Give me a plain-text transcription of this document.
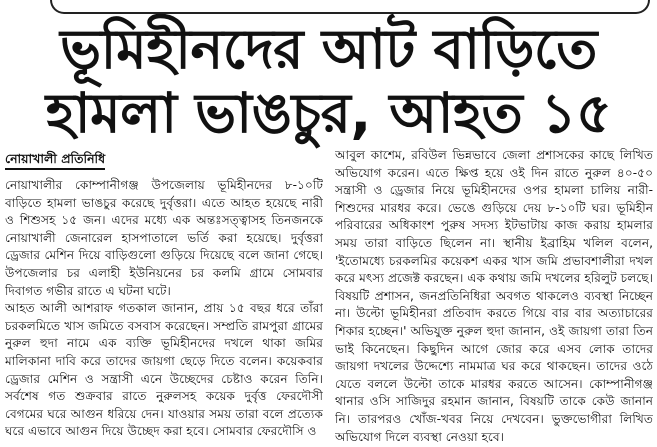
ভূমিহীনদের আট বাড়িতে
হামলা ভাঙচুর, আহত ১৫
নোয়াখালী প্রতিনিধি

নোয়াখালীর কোম্পানীগঞ্জ উপজেলায় ভূমিহীনদের ৮-১০টি বাড়িতে হামলা ভাঙচুর করেছে দুর্বৃত্তরা। এতে আহত হয়েছে নারী ও শিশুসহ ১৫ জন। এদের মধ্যে এক অন্তঃসত্ত্বাসহ তিনজনকে নোয়াখালী জেনারেল হাসপাতালে ভর্তি করা হয়েছে। দুর্বৃত্তরা ড্রেজার মেশিন দিয়ে বাড়িগুলো গুড়িয়ে দিয়েছে বলে জানা গেছে। উপজেলার চর এলাহী ইউনিয়নের চর কলমি গ্রামে সোমবার দিবাগত গভীর রাতে এ ঘটনা ঘটে।

আহত আলী আশরাফ গতকাল জানান, প্রায় ১৫ বছর ধরে তাঁরা চরকলমিতে খাস জমিতে বসবাস করেছেন। সম্প্রতি রামপুরা গ্রামের নুরুল হুদা নামে এক ব্যক্তি ভূমিহীনদের দখলে থাকা জমির মালিকানা দাবি করে তাদের জায়গা ছেড়ে দিতে বলেন। কয়েকবার ড্রেজার মেশিন ও সন্ত্রাসী এনে উচ্ছেদের চেষ্টাও করেন তিনি। সর্বশেষ গত শুক্রবার রাতে নুরুলসহ কয়েক দুর্বৃত্ত ফেরদৌসী বেগমের ঘরে আগুন ধরিয়ে দেন। যাওয়ার সময় তারা বলে প্রত্যেক ঘরে এভাবে আগুন দিয়ে উচ্ছেদ করা হবে। সোমবার ফেরদৌসি ও

আবুল কাশেম, রবিউল ভিন্নভাবে জেলা প্রশাসকের কাছে লিখিত অভিযোগ করেন। এতে ক্ষিপ্ত হয়ে ওই দিন রাতে নুরুল ৪০-৫০ সন্ত্রাসী ও ড্রেজার নিয়ে ভূমিহীনদের ওপর হামলা চালিয় নারী-শিশুদের মারধর করে। ভেঙে গুড়িয়ে দেয় ৮-১০টি ঘর। ভূমিহীন পরিবারের অধিকাংশ পুরুষ সদস্য ইটভাটায় কাজ করায় হামলার সময় তারা বাড়িতে ছিলেন না। স্থানীয় ইব্রাহিম খলিল বলেন, 'ইতোমধ্যে চরকলমির কয়েকশ একর খাস জমি প্রভাবশালীরা দখল করে মৎস্য প্রজেক্ট করছেন। এক কথায় জমি দখলের হরিলুট চলছে। বিষয়টি প্রশাসন, জনপ্রতিনিধিরা অবগত থাকলেও ব্যবস্থা নিচ্ছেন না। উল্টো ভূমিহীনরা প্রতিবাদ করতে গিয়ে বার বার অত্যাচারের শিকার হচ্ছেন।' অভিযুক্ত নুরুল হুদা জানান, ওই জায়গা তারা তিন ভাই কিনেছেন। কিছুদিন আগে জোর করে এসব লোক তাদের জায়গা দখলের উদ্দেশ্যে নামমাত্র ঘর করে থাকছেন। তাদের ওঠে যেতে বললে উল্টো তাকে মারধর করতে আসেন। কোম্পানীগঞ্জ থানার ওসি সাজিদুর রহমান জানান, বিষয়টি তাকে কেউ জানান নি। তারপরও খোঁজ-খবর নিয়ে দেখবেন। ভুক্তভোগীরা লিখিত অভিযোগ দিলে ব্যবস্থা নেওয়া হবে।
